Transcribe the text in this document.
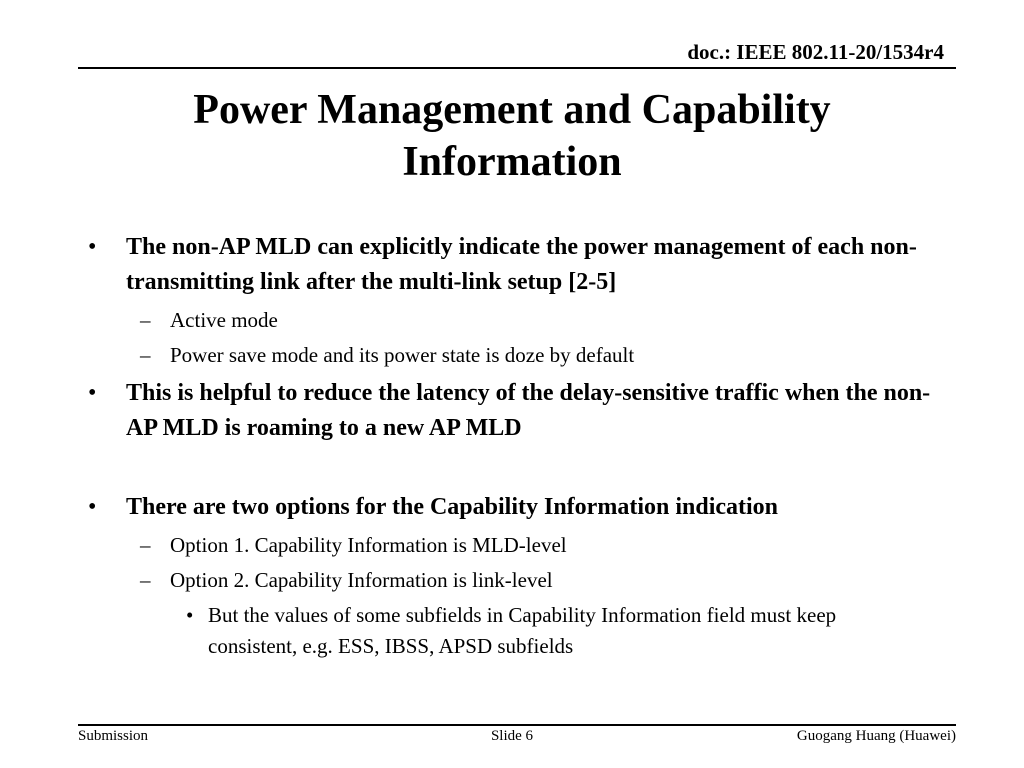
doc.: IEEE 802.11-20/1534r4
Power Management and Capability
Information
• The non-AP MLD can explicitly indicate the power management of each non-transmitting link after the multi-link setup [2-5]
– Active mode
– Power save mode and its power state is doze by default
• This is helpful to reduce the latency of the delay-sensitive traffic when the non-AP MLD is roaming to a new AP MLD
• There are two options for the Capability Information indication
– Option 1. Capability Information is MLD-level
– Option 2. Capability Information is link-level
• But the values of some subfields in Capability Information field must keep consistent, e.g. ESS, IBSS, APSD subfields
Submission	Slide 6	Guogang Huang (Huawei)
